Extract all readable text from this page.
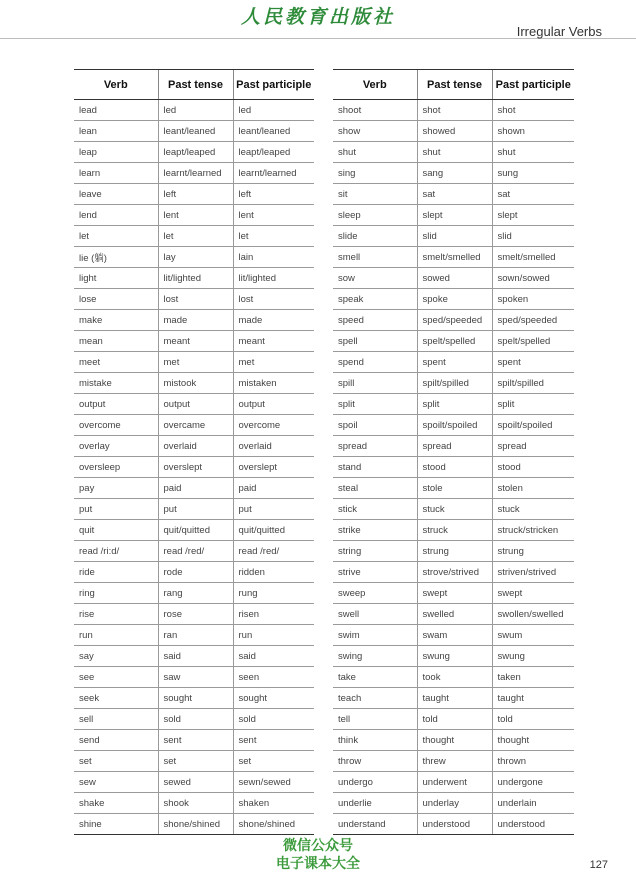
人民教育出版社
Irregular Verbs
Verb	Past tense	Past participle
lead	led	led
lean	leant/leaned	leant/leaned
leap	leapt/leaped	leapt/leaped
learn	learnt/learned	learnt/learned
leave	left	left
lend	lent	lent
let	let	let
lie (躺)	lay	lain
light	lit/lighted	lit/lighted
lose	lost	lost
make	made	made
mean	meant	meant
meet	met	met
mistake	mistook	mistaken
output	output	output
overcome	overcame	overcome
overlay	overlaid	overlaid
oversleep	overslept	overslept
pay	paid	paid
put	put	put
quit	quit/quitted	quit/quitted
read /ri:d/	read /red/	read /red/
ride	rode	ridden
ring	rang	rung
rise	rose	risen
run	ran	run
say	said	said
see	saw	seen
seek	sought	sought
sell	sold	sold
send	sent	sent
set	set	set
sew	sewed	sewn/sewed
shake	shook	shaken
shine	shone/shined	shone/shined
Verb	Past tense	Past participle
shoot	shot	shot
show	showed	shown
shut	shut	shut
sing	sang	sung
sit	sat	sat
sleep	slept	slept
slide	slid	slid
smell	smelt/smelled	smelt/smelled
sow	sowed	sown/sowed
speak	spoke	spoken
speed	sped/speeded	sped/speeded
spell	spelt/spelled	spelt/spelled
spend	spent	spent
spill	spilt/spilled	spilt/spilled
split	split	split
spoil	spoilt/spoiled	spoilt/spoiled
spread	spread	spread
stand	stood	stood
steal	stole	stolen
stick	stuck	stuck
strike	struck	struck/stricken
string	strung	strung
strive	strove/strived	striven/strived
sweep	swept	swept
swell	swelled	swollen/swelled
swim	swam	swum
swing	swung	swung
take	took	taken
teach	taught	taught
tell	told	told
think	thought	thought
throw	threw	thrown
undergo	underwent	undergone
underlie	underlay	underlain
understand	understood	understood
微信公众号
电子课本大全	127
